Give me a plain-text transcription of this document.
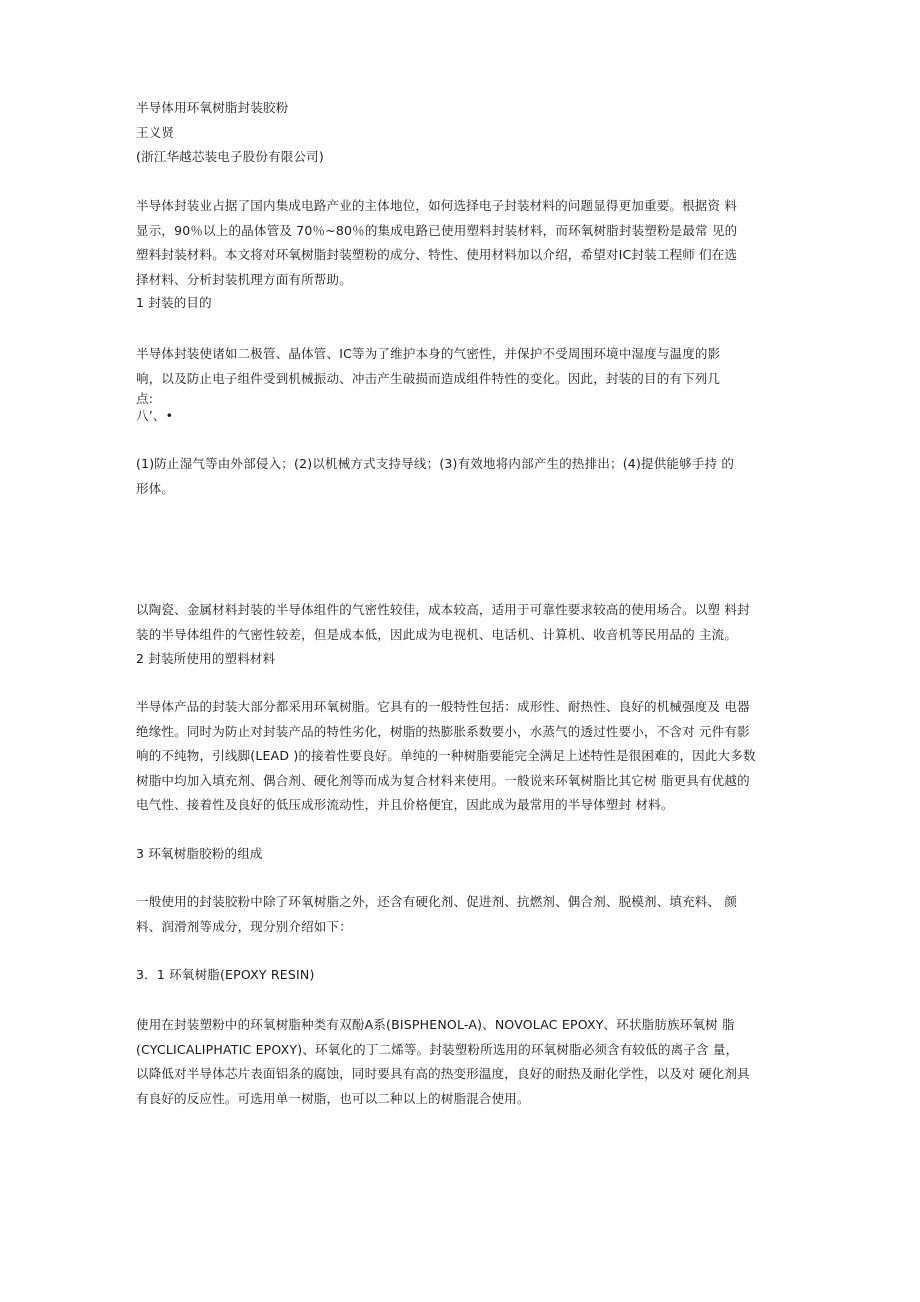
半导体用环氧树脂封装胶粉
王义贤
(浙江华越芯装电子股份有限公司)
半导体封装业占据了国内集成电路产业的主体地位，如何选择电子封装材料的问题显得更加重要。根据资 料
显示，90％以上的晶体管及 70％~80％的集成电路已使用塑料封装材料，而环氧树脂封装塑粉是最常 见的
塑料封装材料。本文将对环氧树脂封装塑粉的成分、特性、使用材料加以介绍，希望对IC封装工程师 们在选
择材料、分析封装机理方面有所帮助。
1 封装的目的
半导体封装使诸如二极管、晶体管、IC等为了维护本身的气密性，并保护不受周围环境中湿度与温度的影
响，以及防止电子组件受到机械振动、冲击产生破损而造成组件特性的变化。因此，封装的目的有下列几
点:
八’、•
(1)防止湿气等由外部侵入；(2)以机械方式支持导线；(3)有效地将内部产生的热排出；(4)提供能够手持 的
形体。
以陶瓷、金属材料封装的半导体组件的气密性较佳，成本较高，适用于可靠性要求较高的使用场合。以塑 料封
装的半导体组件的气密性较差，但是成本低，因此成为电视机、电话机、计算机、收音机等民用品的 主流。
2 封装所使用的塑料材料
半导体产品的封装大部分都采用环氧树脂。它具有的一般特性包括：成形性、耐热性、良好的机械强度及 电器
绝缘性。同时为防止对封装产品的特性劣化，树脂的热膨胀系数要小，水蒸气的透过性要小，不含对 元件有影
响的不纯物，引线脚(LEAD )的接着性要良好。单纯的一种树脂要能完全满足上述特性是很困难的，因此大多数
树脂中均加入填充剂、偶合剂、硬化剂等而成为复合材料来使用。一般说来环氧树脂比其它树 脂更具有优越的
电气性、接着性及良好的低压成形流动性，并且价格便宜，因此成为最常用的半导体塑封 材料。
3 环氧树脂胶粉的组成
一般使用的封装胶粉中除了环氧树脂之外，还含有硬化剂、促进剂、抗燃剂、偶合剂、脱模剂、填充料、 颜
料、润滑剂等成分，现分别介绍如下：
3．1 环氧树脂(EPOXY RESIN)
使用在封装塑粉中的环氧树脂种类有双酚A系(BISPHENOL-A)、NOVOLAC EPOXY、环状脂肪族环氧树 脂
(CYCLICALIPHATIC EPOXY)、环氧化的丁二烯等。封装塑粉所选用的环氧树脂必须含有较低的离子含 量，
以降低对半导体芯片表面铝条的腐蚀，同时要具有高的热变形温度，良好的耐热及耐化学性，以及对 硬化剂具
有良好的反应性。可选用单一树脂，也可以二种以上的树脂混合使用。
